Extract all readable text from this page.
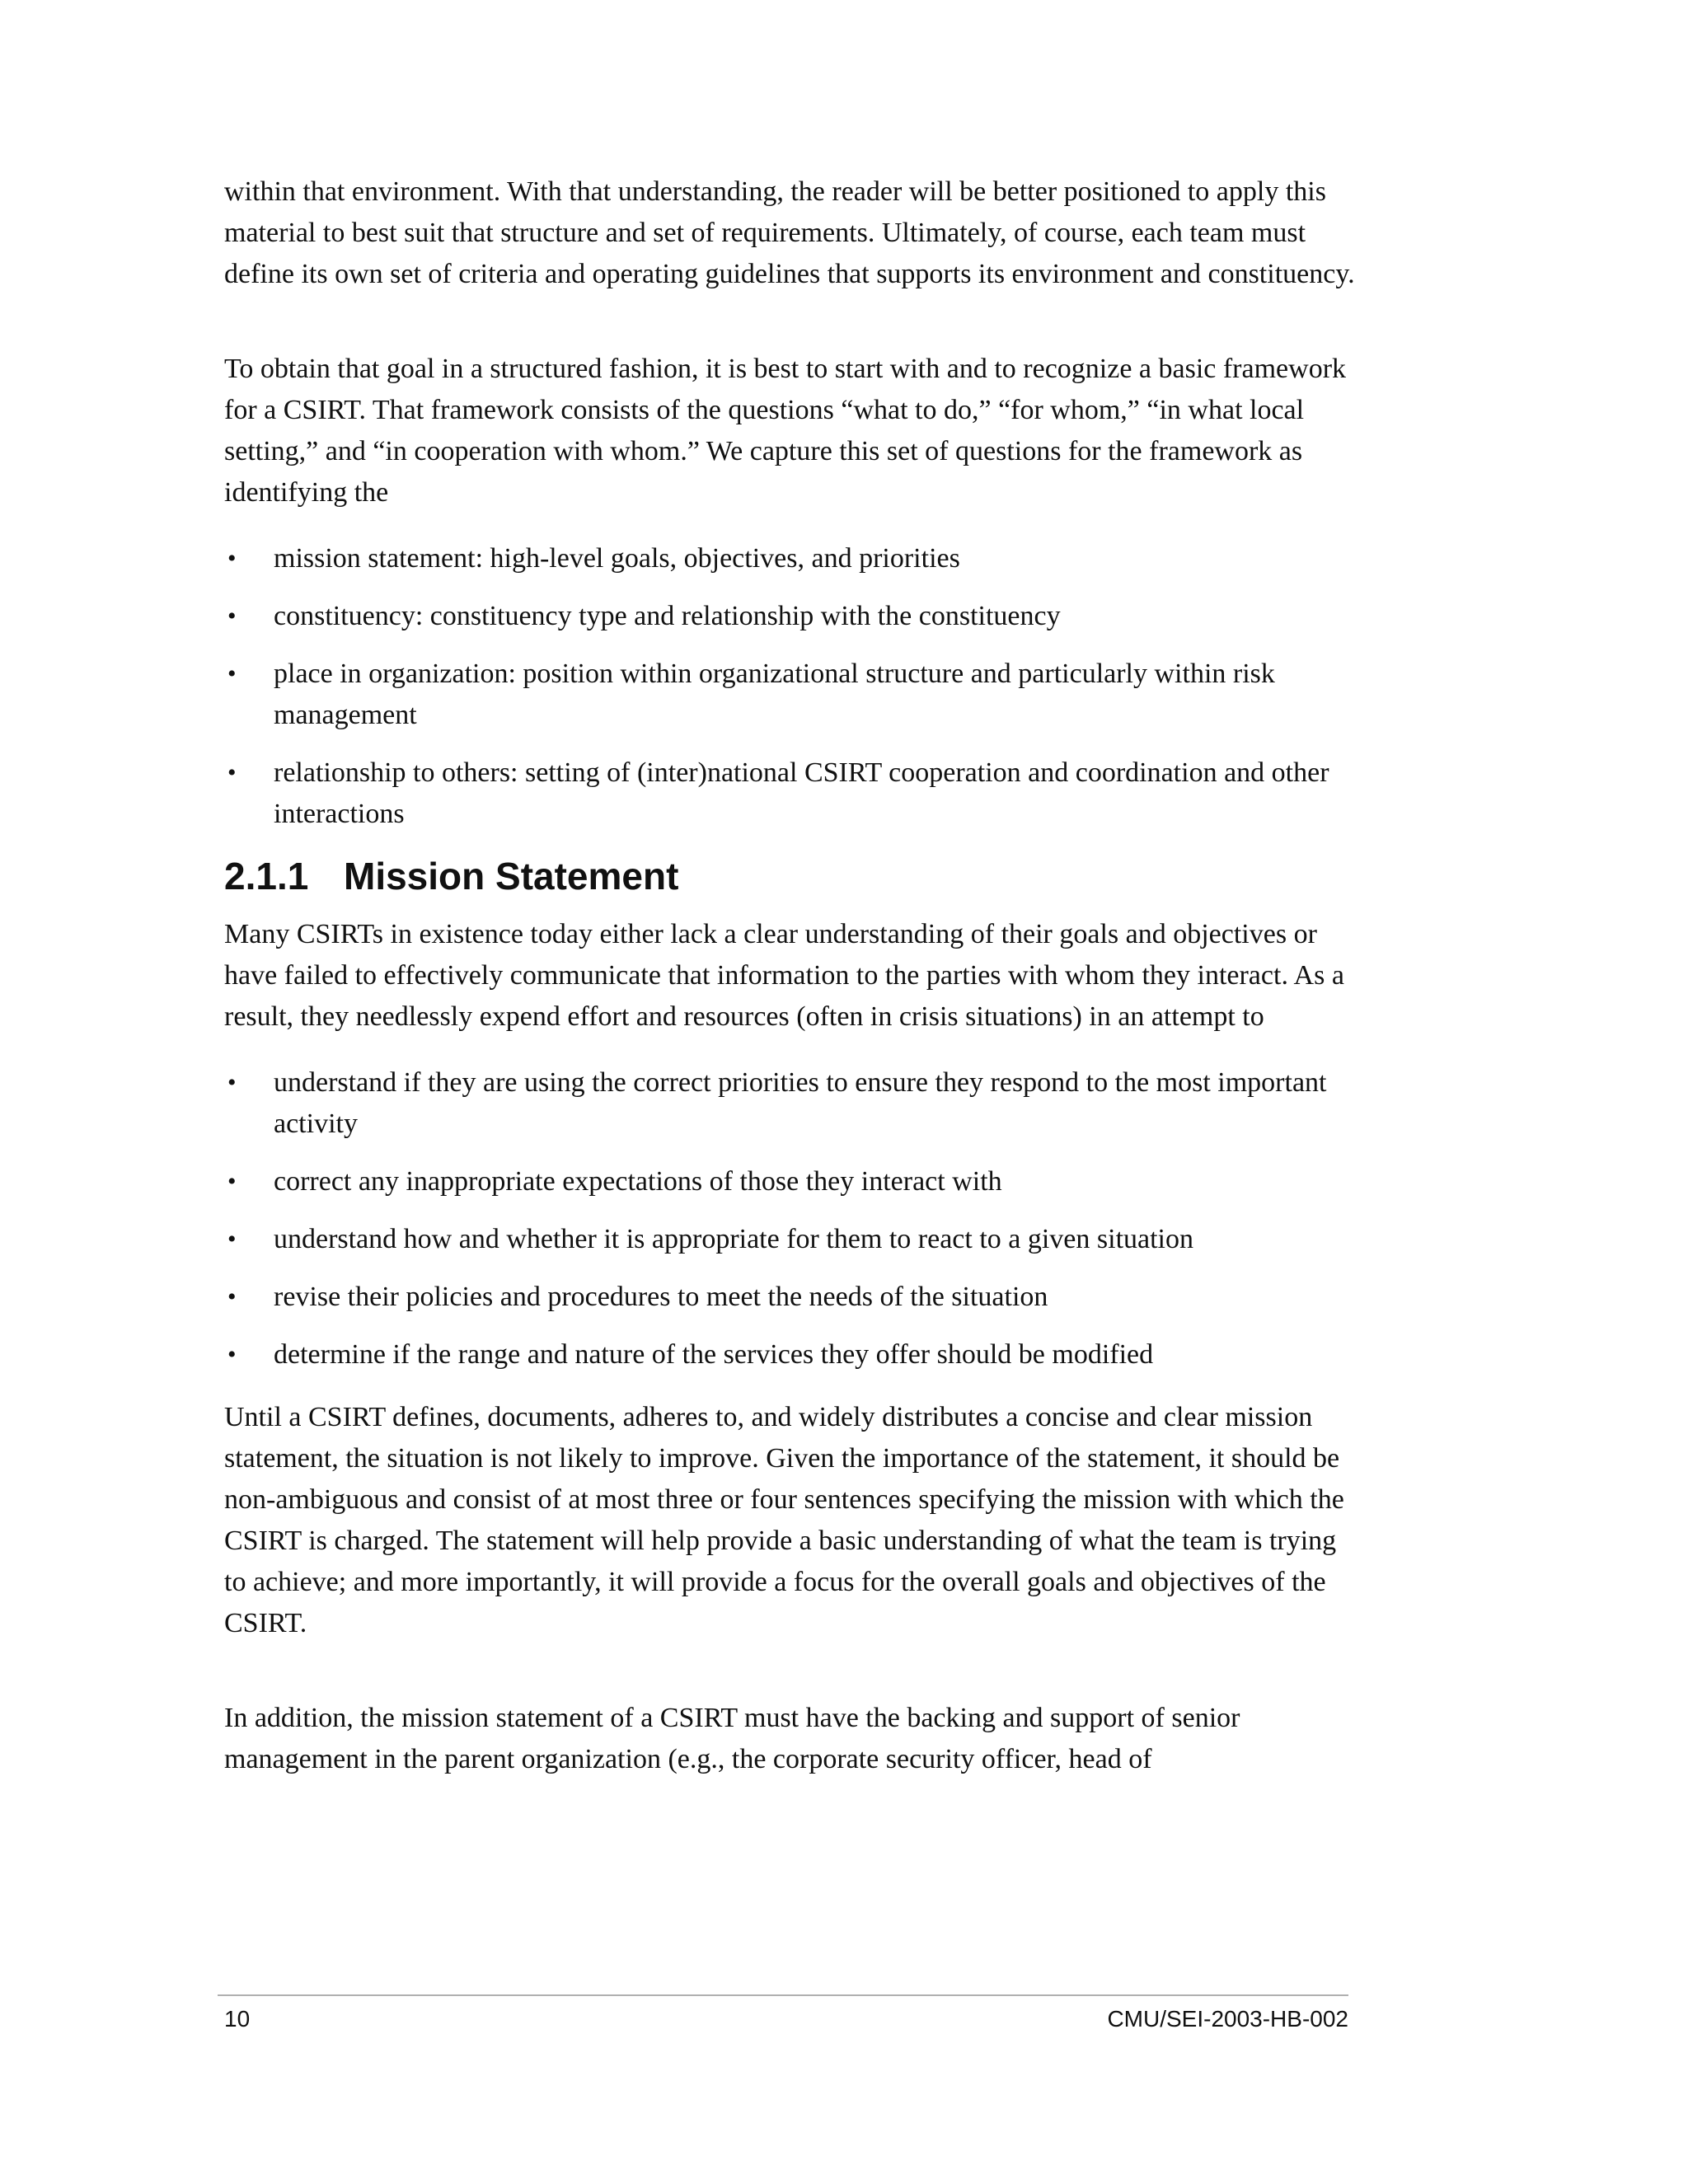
within that environment. With that understanding, the reader will be better positioned to apply this material to best suit that structure and set of requirements. Ultimately, of course, each team must define its own set of criteria and operating guidelines that supports its environment and constituency.

To obtain that goal in a structured fashion, it is best to start with and to recognize a basic framework for a CSIRT. That framework consists of the questions “what to do,” “for whom,” “in what local setting,” and “in cooperation with whom.” We capture this set of questions for the framework as identifying the

• mission statement: high-level goals, objectives, and priorities
• constituency: constituency type and relationship with the constituency
• place in organization: position within organizational structure and particularly within risk management
• relationship to others: setting of (inter)national CSIRT cooperation and coordination and other interactions
2.1.1 Mission Statement

Many CSIRTs in existence today either lack a clear understanding of their goals and objectives or have failed to effectively communicate that information to the parties with whom they interact. As a result, they needlessly expend effort and resources (often in crisis situations) in an attempt to

• understand if they are using the correct priorities to ensure they respond to the most important activity
• correct any inappropriate expectations of those they interact with
• understand how and whether it is appropriate for them to react to a given situation
• revise their policies and procedures to meet the needs of the situation
• determine if the range and nature of the services they offer should be modified

Until a CSIRT defines, documents, adheres to, and widely distributes a concise and clear mission statement, the situation is not likely to improve. Given the importance of the statement, it should be non-ambiguous and consist of at most three or four sentences specifying the mission with which the CSIRT is charged. The statement will help provide a basic understanding of what the team is trying to achieve; and more importantly, it will provide a focus for the overall goals and objectives of the CSIRT.

In addition, the mission statement of a CSIRT must have the backing and support of senior management in the parent organization (e.g., the corporate security officer, head of

10	CMU/SEI-2003-HB-002
